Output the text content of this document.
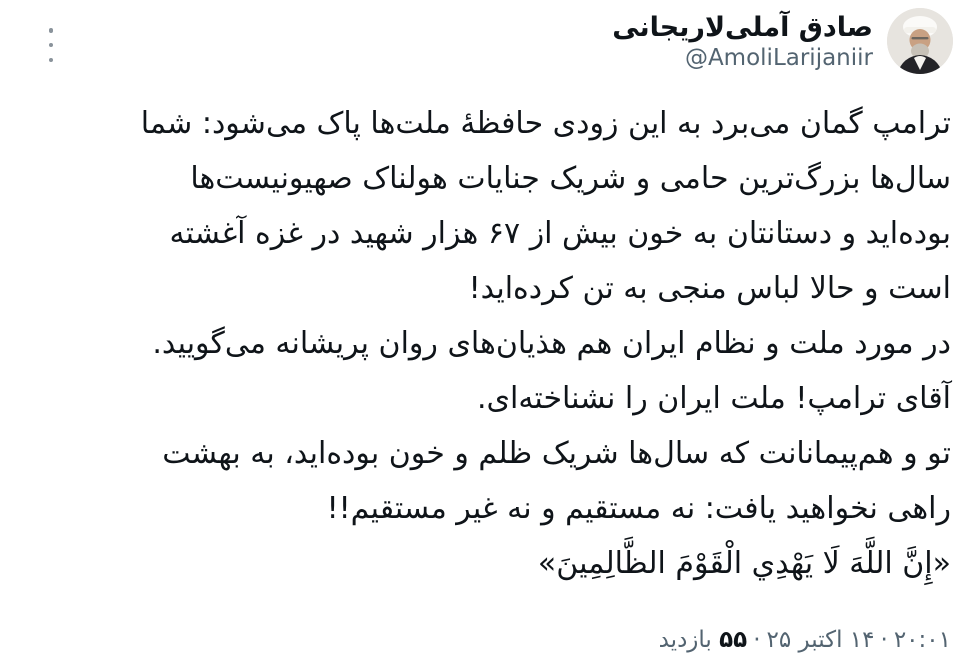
صادق آملی‌لاریجانی
@AmoliLarijaniir
ترامپ گمان می‌برد به این زودی حافظهٔ ملت‌ها پاک می‌شود: شما
سال‌ها بزرگ‌ترین حامی و شریک جنایات هولناک صهیونیست‌ها
بوده‌اید و دستانتان به خون بیش از ۶۷ هزار شهید در غزه آغشته
است و حالا لباس منجی به تن کرده‌اید!
در مورد ملت و نظام ایران هم هذیان‌های روان پریشانه می‌گویید.
آقای ترامپ! ملت ایران را نشناخته‌ای.
تو و هم‌پیمانانت که سال‌ها شریک ظلم و خون بوده‌اید، به بهشت
راهی نخواهید یافت: نه مستقیم و نه غیر مستقیم!!
«إِنَّ اللَّهَ لَا يَهْدِي الْقَوْمَ الظَّالِمِينَ»
۲۰:۰۱·۱۴ اکتبر ۲۵·۵۵ بازدید
